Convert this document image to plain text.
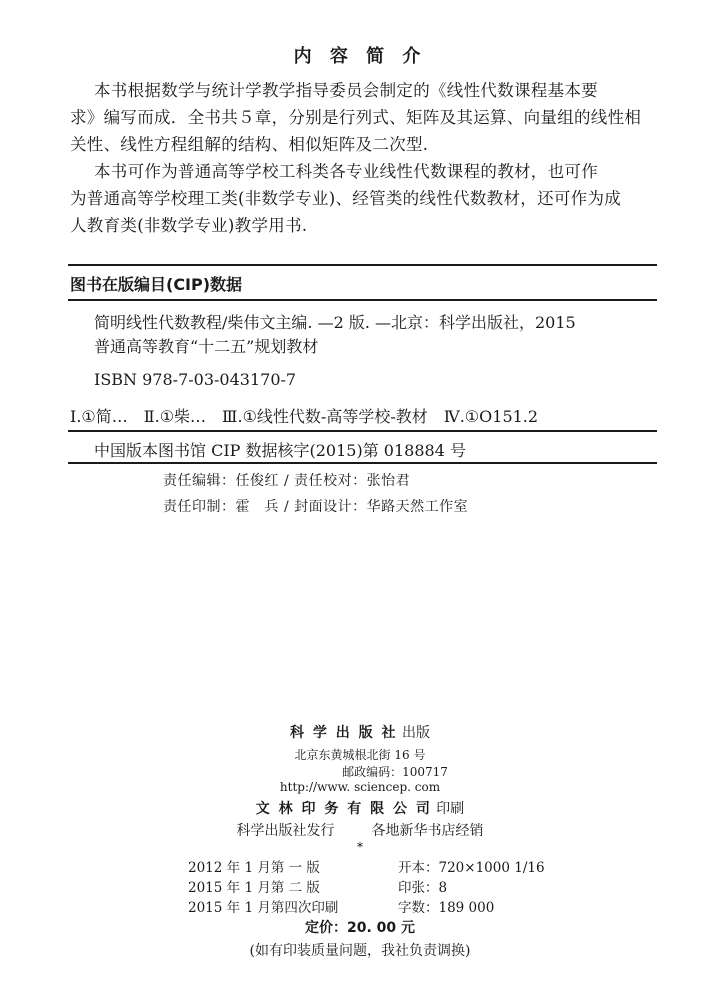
内 容 简 介
本书根据数学与统计学教学指导委员会制定的《线性代数课程基本要
求》编写而成．全书共５章，分别是行列式、矩阵及其运算、向量组的线性相
关性、线性方程组解的结构、相似矩阵及二次型.
本书可作为普通高等学校工科类各专业线性代数课程的教材，也可作
为普通高等学校理工类(非数学专业)、经管类的线性代数教材，还可作为成
人教育类(非数学专业)教学用书.
图书在版编目(CIP)数据
简明线性代数教程/柴伟文主编. —2 版. —北京：科学出版社，2015
普通高等教育“十二五”规划教材
ISBN 978-7-03-043170-7
Ⅰ.①简…　Ⅱ.①柴…　Ⅲ.①线性代数-高等学校-教材　Ⅳ.①O151.2
中国版本图书馆 CIP 数据核字(2015)第 018884 号
责任编辑：任俊红 / 责任校对：张怡君
责任印制：霍　兵 / 封面设计：华路天然工作室
科 学 出 版 社 出版
北京东黄城根北街 16 号
邮政编码：100717
http://www. sciencep. com
文 林 印 务 有 限 公 司 印刷
科学出版社发行	各地新华书店经销
*
2012 年 1 月第 一 版	开本：720×1000 1/16
2015 年 1 月第 二 版	印张：8
2015 年 1 月第四次印刷	字数：189 000
定价：20. 00 元
(如有印装质量问题，我社负责调换)
